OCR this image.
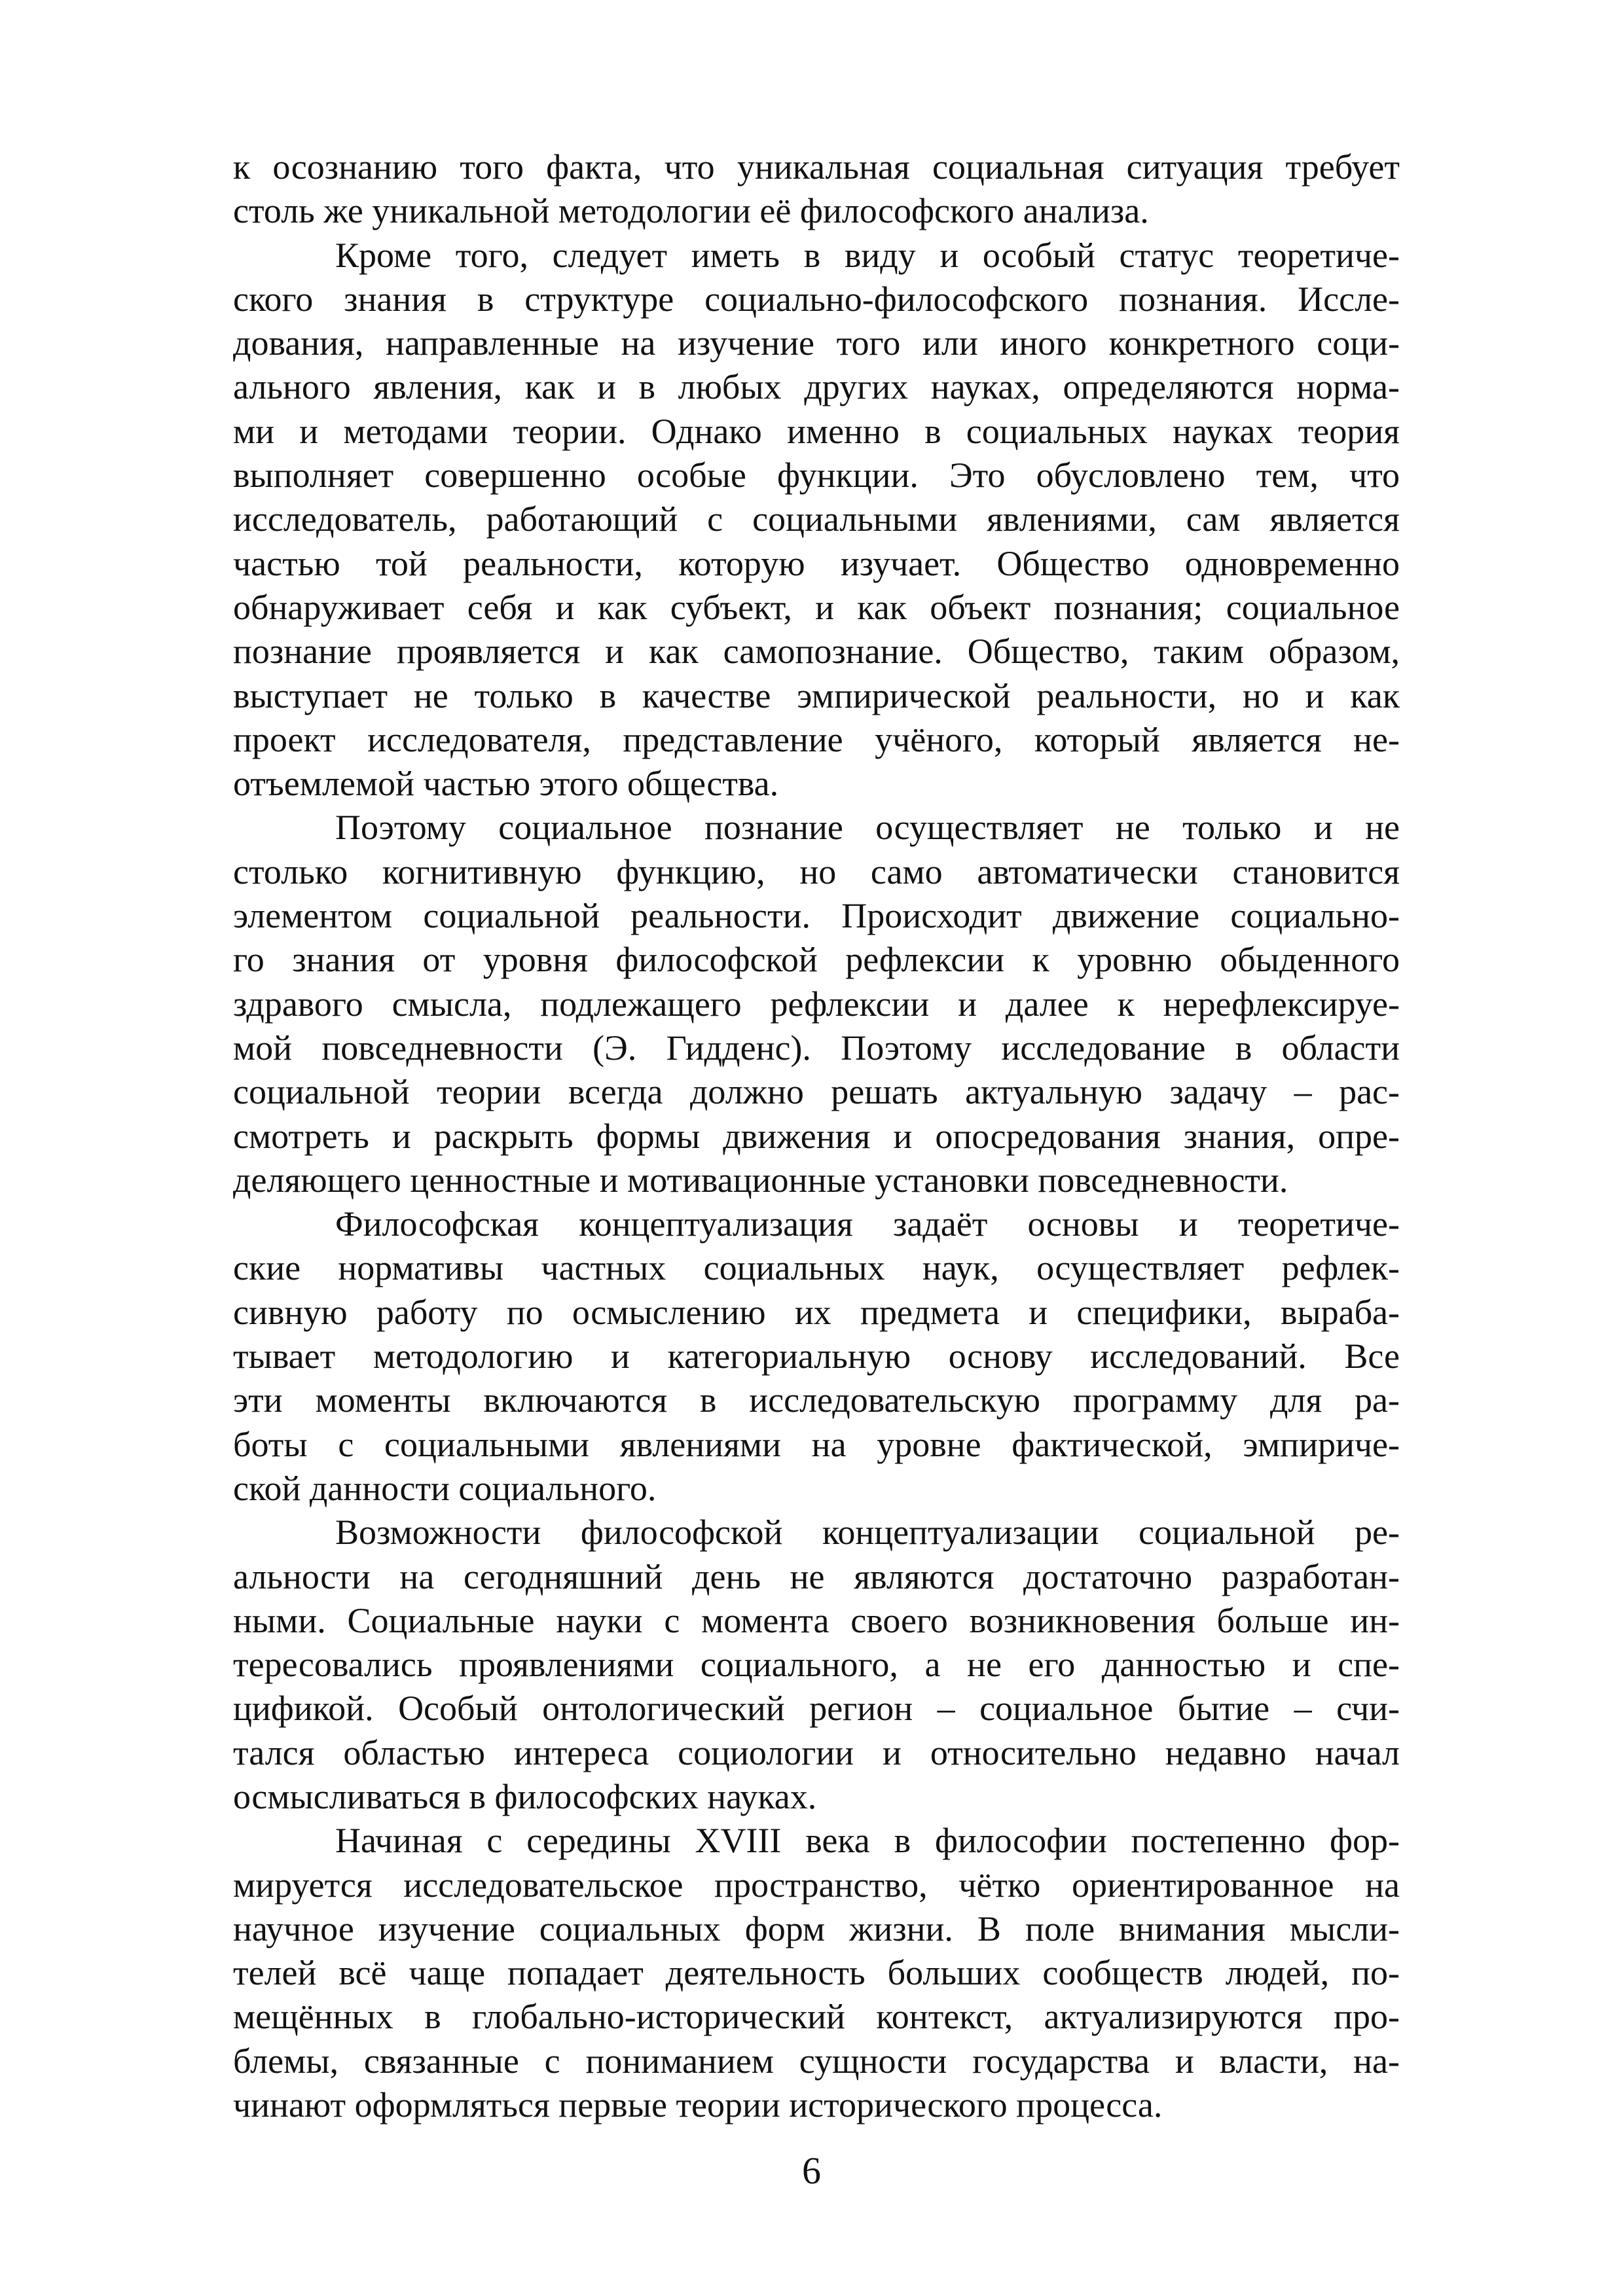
к осознанию того факта, что уникальная социальная ситуация требует
столь же уникальной методологии её философского анализа.
Кроме того, следует иметь в виду и особый статус теоретиче-
ского знания в структуре социально-философского познания. Иссле-
дования, направленные на изучение того или иного конкретного соци-
ального явления, как и в любых других науках, определяются норма-
ми и методами теории. Однако именно в социальных науках теория
выполняет совершенно особые функции. Это обусловлено тем, что
исследователь, работающий с социальными явлениями, сам является
частью той реальности, которую изучает. Общество одновременно
обнаруживает себя и как субъект, и как объект познания; социальное
познание проявляется и как самопознание. Общество, таким образом,
выступает не только в качестве эмпирической реальности, но и как
проект исследователя, представление учёного, который является не-
отъемлемой частью этого общества.
Поэтому социальное познание осуществляет не только и не
столько когнитивную функцию, но само автоматически становится
элементом социальной реальности. Происходит движение социально-
го знания от уровня философской рефлексии к уровню обыденного
здравого смысла, подлежащего рефлексии и далее к нерефлексируе-
мой повседневности (Э. Гидденс). Поэтому исследование в области
социальной теории всегда должно решать актуальную задачу – рас-
смотреть и раскрыть формы движения и опосредования знания, опре-
деляющего ценностные и мотивационные установки повседневности.
Философская концептуализация задаёт основы и теоретиче-
ские нормативы частных социальных наук, осуществляет рефлек-
сивную работу по осмыслению их предмета и специфики, выраба-
тывает методологию и категориальную основу исследований. Все
эти моменты включаются в исследовательскую программу для ра-
боты с социальными явлениями на уровне фактической, эмпириче-
ской данности социального.
Возможности философской концептуализации социальной ре-
альности на сегодняшний день не являются достаточно разработан-
ными. Социальные науки с момента своего возникновения больше ин-
тересовались проявлениями социального, а не его данностью и спе-
цификой. Особый онтологический регион – социальное бытие – счи-
тался областью интереса социологии и относительно недавно начал
осмысливаться в философских науках.
Начиная с середины XVIII века в философии постепенно фор-
мируется исследовательское пространство, чётко ориентированное на
научное изучение социальных форм жизни. В поле внимания мысли-
телей всё чаще попадает деятельность больших сообществ людей, по-
мещённых в глобально-исторический контекст, актуализируются про-
блемы, связанные с пониманием сущности государства и власти, на-
чинают оформляться первые теории исторического процесса.
6
